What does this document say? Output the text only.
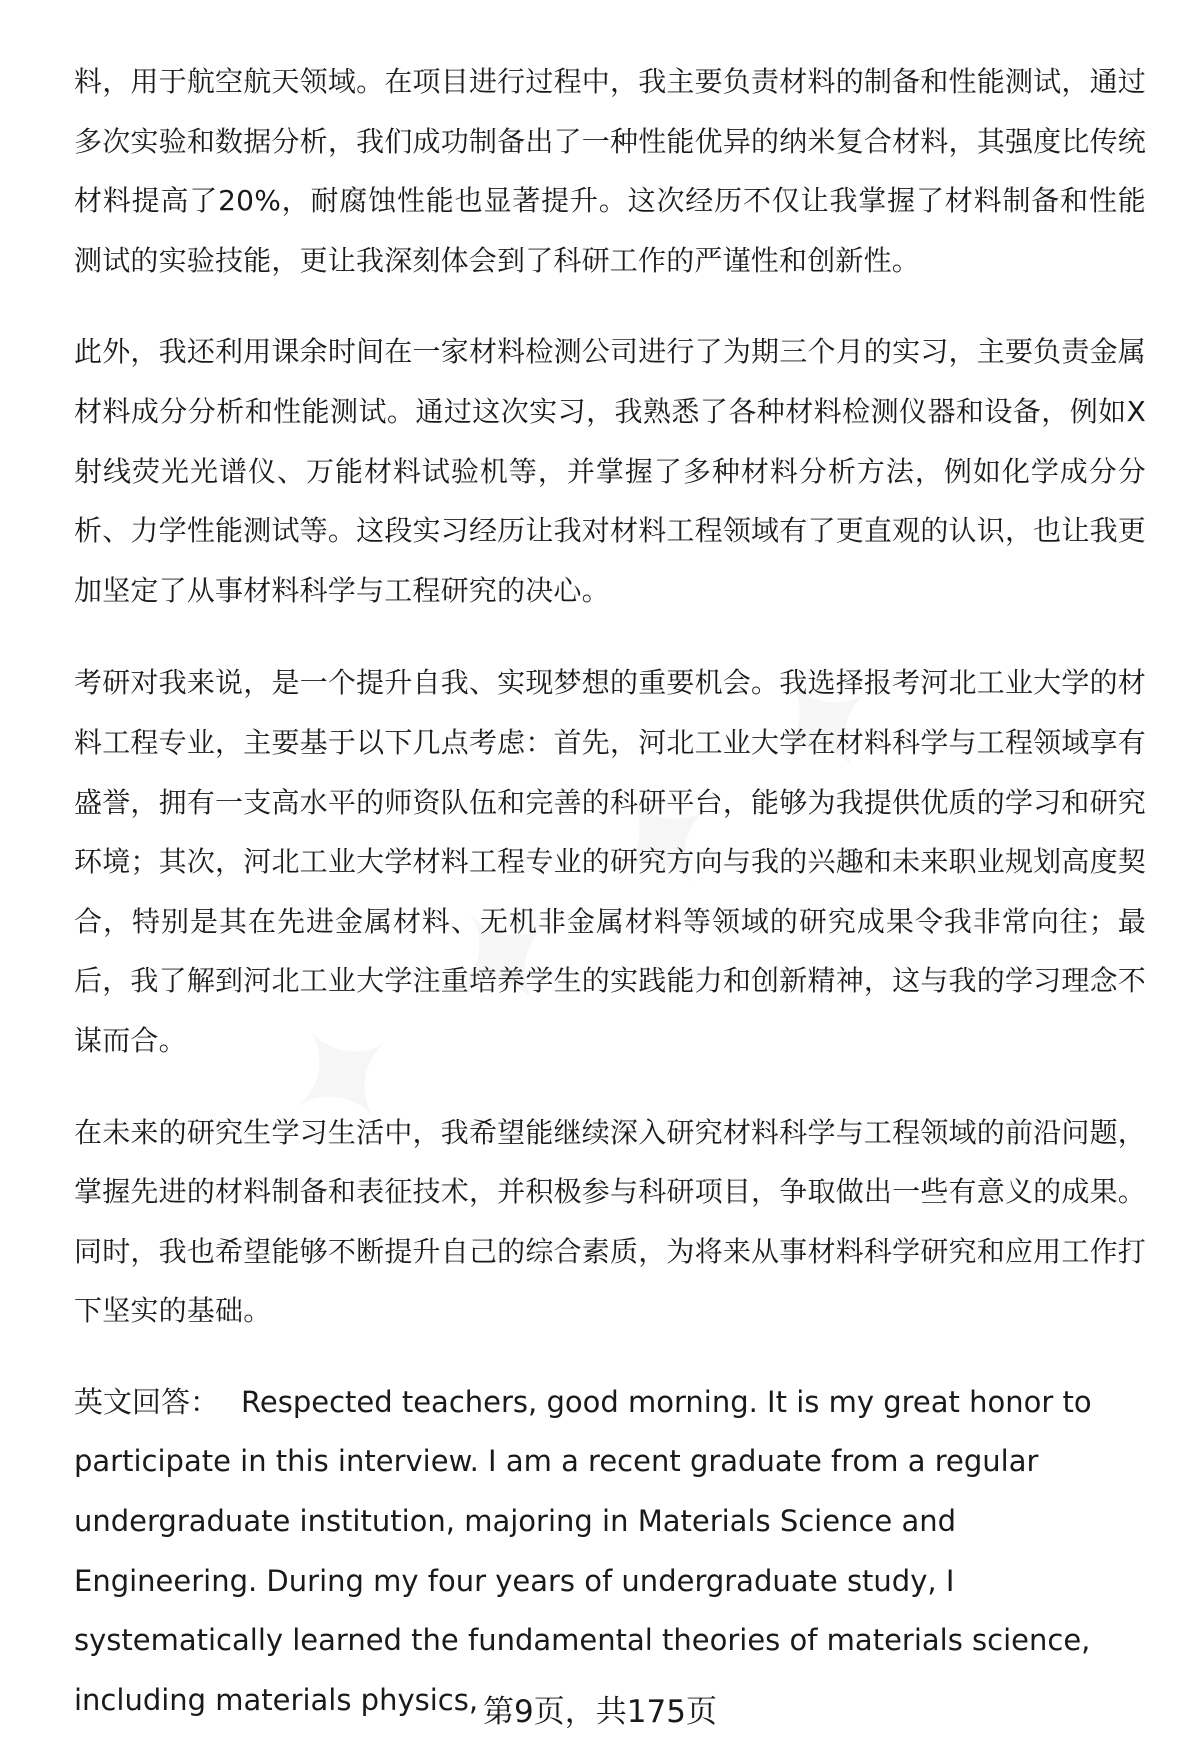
料，用于航空航天领域。在项目进行过程中，我主要负责材料的制备和性能测试，通过多次实验和数据分析，我们成功制备出了一种性能优异的纳米复合材料，其强度比传统材料提高了20%，耐腐蚀性能也显著提升。这次经历不仅让我掌握了材料制备和性能测试的实验技能，更让我深刻体会到了科研工作的严谨性和创新性。

此外，我还利用课余时间在一家材料检测公司进行了为期三个月的实习，主要负责金属材料成分分析和性能测试。通过这次实习，我熟悉了各种材料检测仪器和设备，例如X射线荧光光谱仪、万能材料试验机等，并掌握了多种材料分析方法，例如化学成分分析、力学性能测试等。这段实习经历让我对材料工程领域有了更直观的认识，也让我更加坚定了从事材料科学与工程研究的决心。

考研对我来说，是一个提升自我、实现梦想的重要机会。我选择报考河北工业大学的材料工程专业，主要基于以下几点考虑：首先，河北工业大学在材料科学与工程领域享有盛誉，拥有一支高水平的师资队伍和完善的科研平台，能够为我提供优质的学习和研究环境；其次，河北工业大学材料工程专业的研究方向与我的兴趣和未来职业规划高度契合，特别是其在先进金属材料、无机非金属材料等领域的研究成果令我非常向往；最后，我了解到河北工业大学注重培养学生的实践能力和创新精神，这与我的学习理念不谋而合。

在未来的研究生学习生活中，我希望能继续深入研究材料科学与工程领域的前沿问题，掌握先进的材料制备和表征技术，并积极参与科研项目，争取做出一些有意义的成果。同时，我也希望能够不断提升自己的综合素质，为将来从事材料科学研究和应用工作打下坚实的基础。

英文回答： Respected teachers, good morning. It is my great honor to participate in this interview. I am a recent graduate from a regular undergraduate institution, majoring in Materials Science and Engineering. During my four years of undergraduate study, I systematically learned the fundamental theories of materials science, including materials physics, 第9页，共175页
